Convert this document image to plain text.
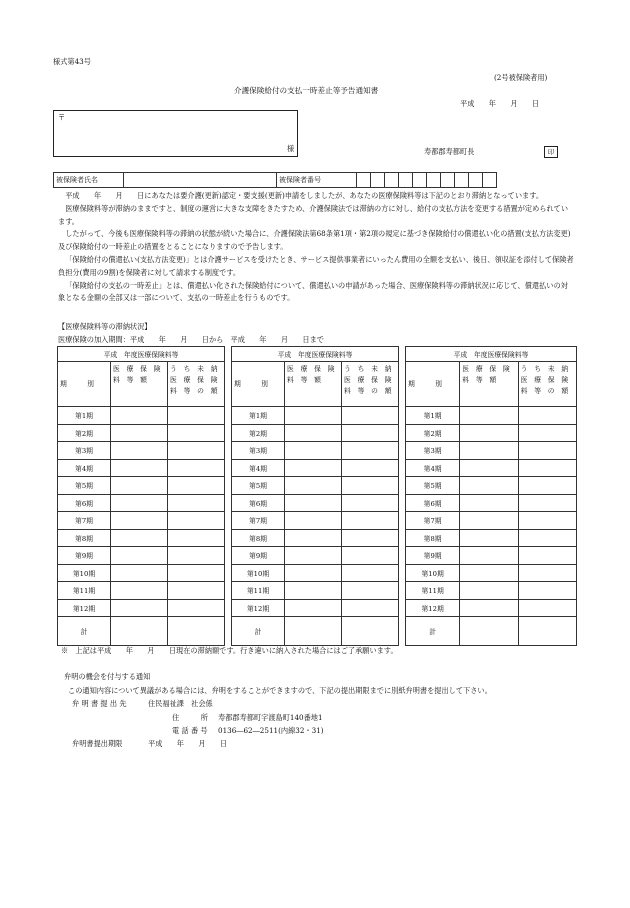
様式第43号
(2号被保険者用)
介護保険給付の支払一時差止等予告通知書
平成　　年　　月　　日
〒
様	寿都郡寿都町長	印
被保険者氏名		被保険者番号										

平成　　年　　月　　日にあなたは要介護(更新)認定・要支援(更新)申請をしましたが、あなたの医療保険料等は下記のとおり滞納となっています。

医療保険料等が滞納のままですと、制度の運営に大きな支障をきたすため、介護保険法では滞納の方に対し、給付の支払方法を変更する措置が定められています。

したがって、今後も医療保険料等の滞納の状態が続いた場合に、介護保険法第68条第1項・第2項の規定に基づき保険給付の償還払い化の措置(支払方法変更)及び保険給付の一時差止の措置をとることになりますので予告します。

「保険給付の償還払い(支払方法変更)」とは介護サービスを受けたとき、サービス提供事業者にいったん費用の全額を支払い、後日、領収証を添付して保険者負担分(費用の9割)を保険者に対して請求する制度です。

「保険給付の支払の一時差止」とは、償還払い化された保険給付について、償還払いの申請があった場合、医療保険料等の滞納状況に応じて、償還払いの対象となる金額の全部又は一部について、支払の一時差止を行うものです。

【医療保険料等の滞納状況】
医療保険の加入期間：平成　　年　　月　　日から　平成　　年　　月　　日まで
平成　年度医療保険料等		
期　　　別	医　療　保　険　料　等　額	う　ち　未　納　医　療　保　険　料　等　の　額
第1期		
第2期		
第3期		
第4期		
第5期		
第6期		
第7期		
第8期		
第9期		
第10期		
第11期		
第12期		
計		
平成　年度医療保険料等		
期　　　別	医　療　保　険　料　等　額	う　ち　未　納　医　療　保　険　料　等　の　額
第1期		
第2期		
第3期		
第4期		
第5期		
第6期		
第7期		
第8期		
第9期		
第10期		
第11期		
第12期		
計		
平成　年度医療保険料等		
期　　　別	医　療　保　険　料　等　額	う　ち　未　納　医　療　保　険　料　等　の　額
第1期		
第2期		
第3期		
第4期		
第5期		
第6期		
第7期		
第8期		
第9期		
第10期		
第11期		
第12期		
計		
※　上記は平成　　年　　月　　日現在の滞納額です。行き違いに納入された場合にはご了承願います。
弁明の機会を付与する通知
この通知内容について異議がある場合には、弁明をすることができますので、下記の提出期限までに別紙弁明書を提出して下さい。
弁 明 書 提 出 先	住民福祉課　社会係
住　　　所 寿都郡寿都町字渡島町140番地1
電 話 番 号 0136―62―2511(内線32・31)
弁明書提出期限	平成　　年　　月　　日
